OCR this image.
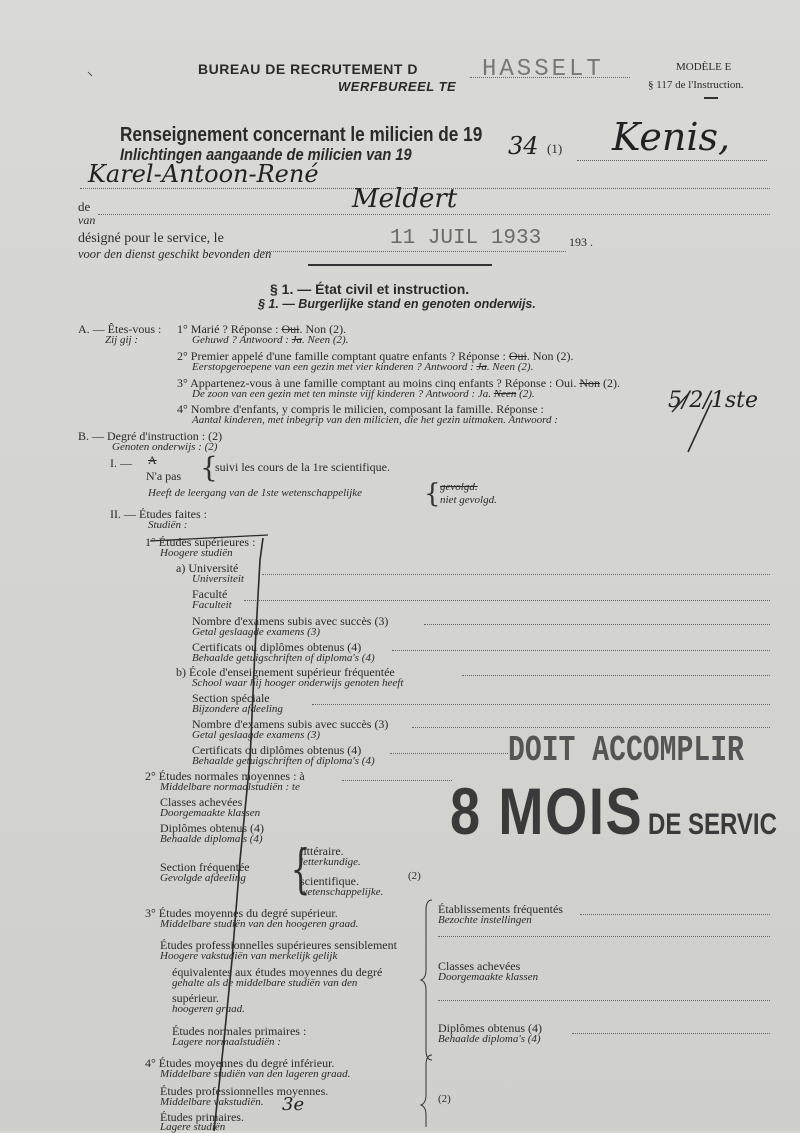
BUREAU DE RECRUTEMENT D
WERFBUREEL TE
HASSELT	MODÈLE E
§ 117 de l'Instruction.
Renseignement concernant le milicien de 19
Inlichtingen aangaande de milicien van 19	34 (1) Kenis,
Karel-Antoon-René
de
van
Meldert
désigné pour le service, le
voor den dienst geschikt bevonden den
11 JUIL 1933 193 .
§ 1. — État civil et instruction.
§ 1. — Burgerlijke stand en genoten onderwijs.
A. — Êtes-vous :
Zij gij :
1° Marié ? Réponse : Oui. Non (2).
Gehuwd ? Antwoord : Ja. Neen (2).
2° Premier appelé d'une famille comptant quatre enfants ? Réponse : Oui. Non (2).
Eerstopgeroepene van een gezin met vier kinderen ? Antwoord : Ja. Neen (2).
3° Appartenez-vous à une famille comptant au moins cinq enfants ? Réponse : Oui. Non (2).
De zoon van een gezin met ten minste vijf kinderen ? Antwoord : Ja. Neen (2).
4° Nombre d'enfants, y compris le milicien, composant la famille. Réponse :
Aantal kinderen, met inbegrip van den milicien, die het gezin uitmaken. Antwoord :
5/2/1ste
B. — Degré d'instruction : (2)
Genoten onderwijs : (2)
I. — A
N'a pas {
suivi les cours de la 1re scientifique.
Heeft de leergang van de 1ste wetenschappelijke { gevolgd.
niet gevolgd.
II. — Études faites :
Studiën :
1° Études supérieures :
Hoogere studiën
a) Université
Universiteit
Faculté
Faculteit
Nombre d'examens subis avec succès (3)
Getal geslaagde examens (3)
Certificats ou diplômes obtenus (4)
Behaalde getuigschriften of diploma's (4)
b) École d'enseignement supérieur fréquentée
School waar hij hooger onderwijs genoten heeft
Section spéciale
Bijzondere afdeeling
Nombre d'examens subis avec succès (3)
Getal geslaagde examens (3)
Certificats ou diplômes obtenus (4)
Behaalde getuigschriften of diploma's (4)
2° Études normales moyennes : à
Middelbare normaalstudiën : te
Classes achevées
Doorgemaakte klassen
Diplômes obtenus (4)
Behaalde diploma's (4)
Section fréquentée
Gevolgde afdeeling {
littéraire.
letterkundige.
scientifique.
wetenschappelijke.
(2)
3° Études moyennes du degré supérieur.
Middelbare studiën van den hoogeren graad.
Études professionnelles supérieures sensiblement
Hoogere vakstudiën van merkelijk gelijk
équivalentes aux études moyennes du degré
gehalte als de middelbare studiën van den
supérieur.
hoogeren graad.
Études normales primaires :
Lagere normaalstudiën :
Établissements fréquentés
Bezochte instellingen
Classes achevées
Doorgemaakte klassen
Diplômes obtenus (4)
Behaalde diploma's (4)
4° Études moyennes du degré inférieur.
Middelbare studiën van den lageren graad.
Études professionnelles moyennes.
Middelbare vakstudiën.
Études primaires.
Lagere studiën
3e	(2)
DOIT ACCOMPLIR
8 MOIS DE SERVIC
